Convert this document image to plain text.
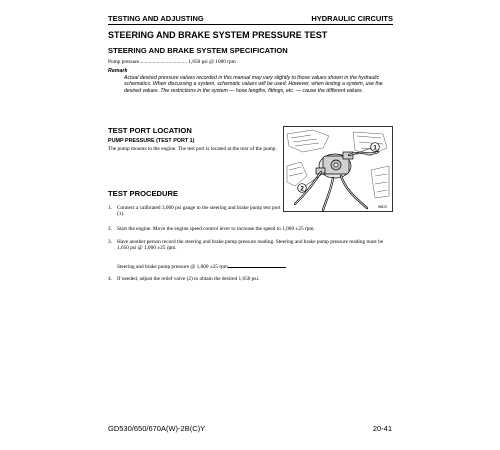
TESTING AND ADJUSTING	HYDRAULIC CIRCUITS
STEERING AND BRAKE SYSTEM PRESSURE TEST
STEERING AND BRAKE SYSTEM SPECIFICATION
Pump pressure.................................... 1,650 psi @ 1000 rpm
Remark
Actual desired pressure values recorded in this manual may vary slightly to those values shown in the hydraulic schematics. When discussing a system, schematic values will be used. However, when testing a system, use the desired values. The restrictions in the system — hose lengths, fittings, etc. — cause the different values.
TEST PORT LOCATION
PUMP PRESSURE (TEST PORT 1)
The pump mounts to the engine. The test port is located at the rear of the pump.	1
2
ffb870
TEST PROCEDURE
1. Connect a calibrated 3,000 psi gauge to the steering and brake pump test port (1).
2. Start the engine. Move the engine speed control lever to increase the speed to 1,000 ±25 rpm.
3. Have another person record the steering and brake pump pressure reading. Steering and brake pump pressure reading must be 1,650 psi @ 1,000 ±25 rpm.
Steering and brake pump pressure @ 1,000 ±25 rpm
4. If needed, adjust the relief valve (2) to obtain the desired 1,650 psi.
GD530/650/670A(W)-2B(C)Y	20-41
